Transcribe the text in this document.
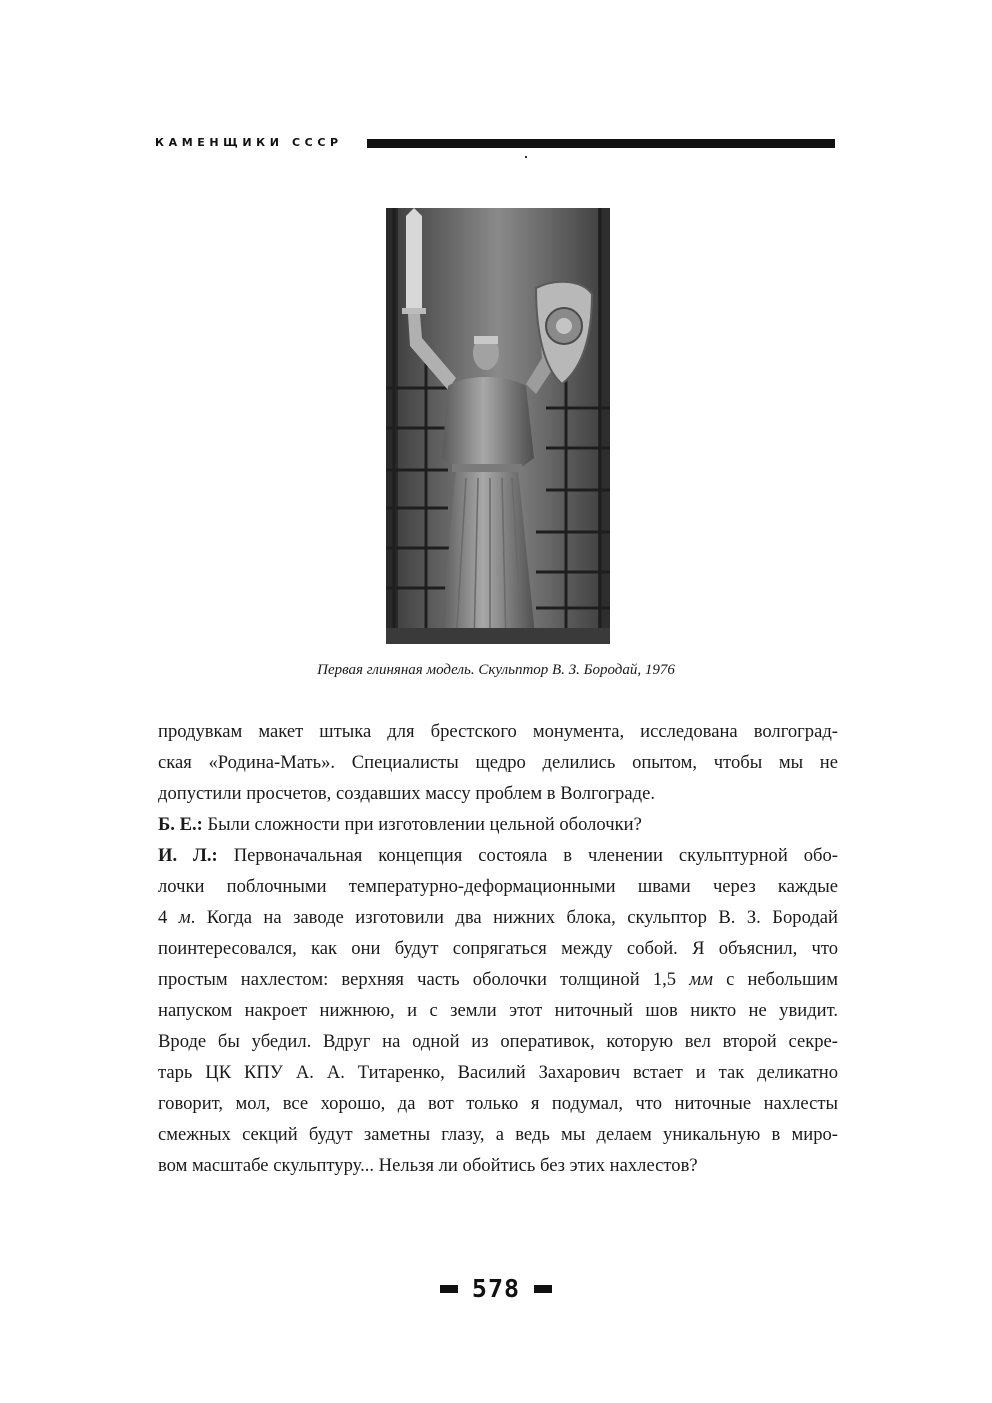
КАМЕНЩИКИ СССР
Первая глиняная модель. Скульптор В. З. Бородай, 1976
продувкам макет штыка для брестского монумента, исследована волгоград-
ская «Родина-Мать». Специалисты щедро делились опытом, чтобы мы не
допустили просчетов, создавших массу проблем в Волгограде.
Б. Е.: Были сложности при изготовлении цельной оболочки?
И. Л.: Первоначальная концепция состояла в членении скульптурной обо-
лочки поблочными температурно-деформационными швами через каждые
4 м. Когда на заводе изготовили два нижних блока, скульптор В. З. Бородай
поинтересовался, как они будут сопрягаться между собой. Я объяснил, что
простым нахлестом: верхняя часть оболочки толщиной 1,5 мм с небольшим
напуском накроет нижнюю, и с земли этот ниточный шов никто не увидит.
Вроде бы убедил. Вдруг на одной из оперативок, которую вел второй секре-
тарь ЦК КПУ А. А. Титаренко, Василий Захарович встает и так деликатно
говорит, мол, все хорошо, да вот только я подумал, что ниточные нахлесты
смежных секций будут заметны глазу, а ведь мы делаем уникальную в миро-
вом масштабе скульптуру... Нельзя ли обойтись без этих нахлестов?
578
